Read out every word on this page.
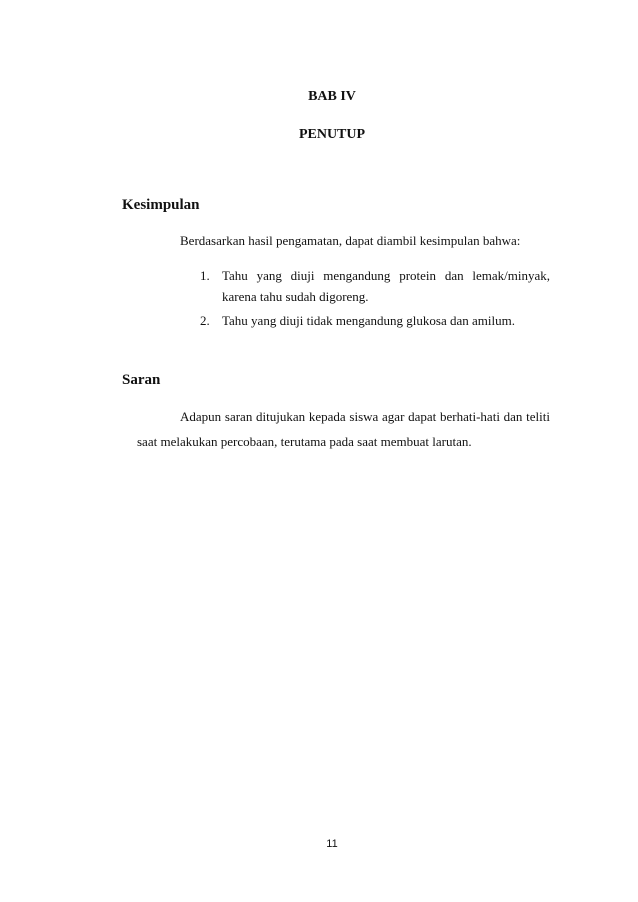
BAB IV
PENUTUP
Kesimpulan
Berdasarkan hasil pengamatan, dapat diambil kesimpulan bahwa:
1. Tahu yang diuji mengandung protein dan lemak/minyak,
karena tahu sudah digoreng.
2. Tahu yang diuji tidak mengandung glukosa dan amilum.
Saran
Adapun saran ditujukan kepada siswa agar dapat berhati-hati dan teliti
saat melakukan percobaan, terutama pada saat membuat larutan.
11
